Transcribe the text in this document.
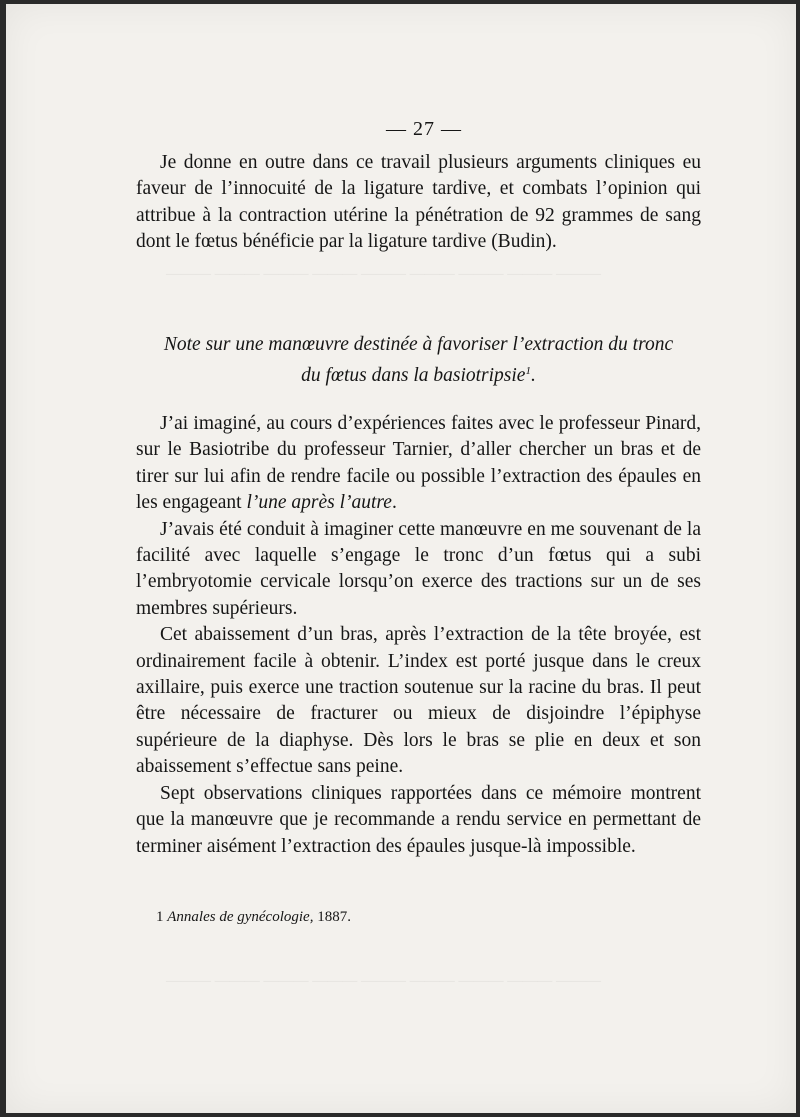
——— ——— ——— ——— ——— ——— ——— ——— ———
——— ——— ——— ——— ——— ——— ——— ——— ———
— 27 —

Je donne en outre dans ce travail plusieurs arguments cliniques eu faveur de l’innocuité de la ligature tardive, et combats l’opinion qui attribue à la contraction utérine la pénétration de 92 grammes de sang dont le fœtus bénéficie par la ligature tardive (Budin).

Note sur une manœuvre destinée à favoriser l’extraction du tronc
du fœtus dans la basiotripsie$^1$.

J’ai imaginé, au cours d’expériences faites avec le professeur Pinard, sur le Basiotribe du professeur Tarnier, d’aller chercher un bras et de tirer sur lui afin de rendre facile ou possible l’extraction des épaules en les engageant l’une après l’autre.

J’avais été conduit à imaginer cette manœuvre en me souvenant de la facilité avec laquelle s’engage le tronc d’un fœtus qui a subi l’embryotomie cervicale lorsqu’on exerce des tractions sur un de ses membres supérieurs.

Cet abaissement d’un bras, après l’extraction de la tête broyée, est ordinairement facile à obtenir. L’index est porté jusque dans le creux axillaire, puis exerce une traction soutenue sur la racine du bras. Il peut être nécessaire de fracturer ou mieux de disjoindre l’épiphyse supérieure de la diaphyse. Dès lors le bras se plie en deux et son abaissement s’effectue sans peine.

Sept observations cliniques rapportées dans ce mémoire montrent que la manœuvre que je recommande a rendu service en permettant de terminer aisément l’extraction des épaules jusque-là impossible.

1 Annales de gynécologie, 1887.
